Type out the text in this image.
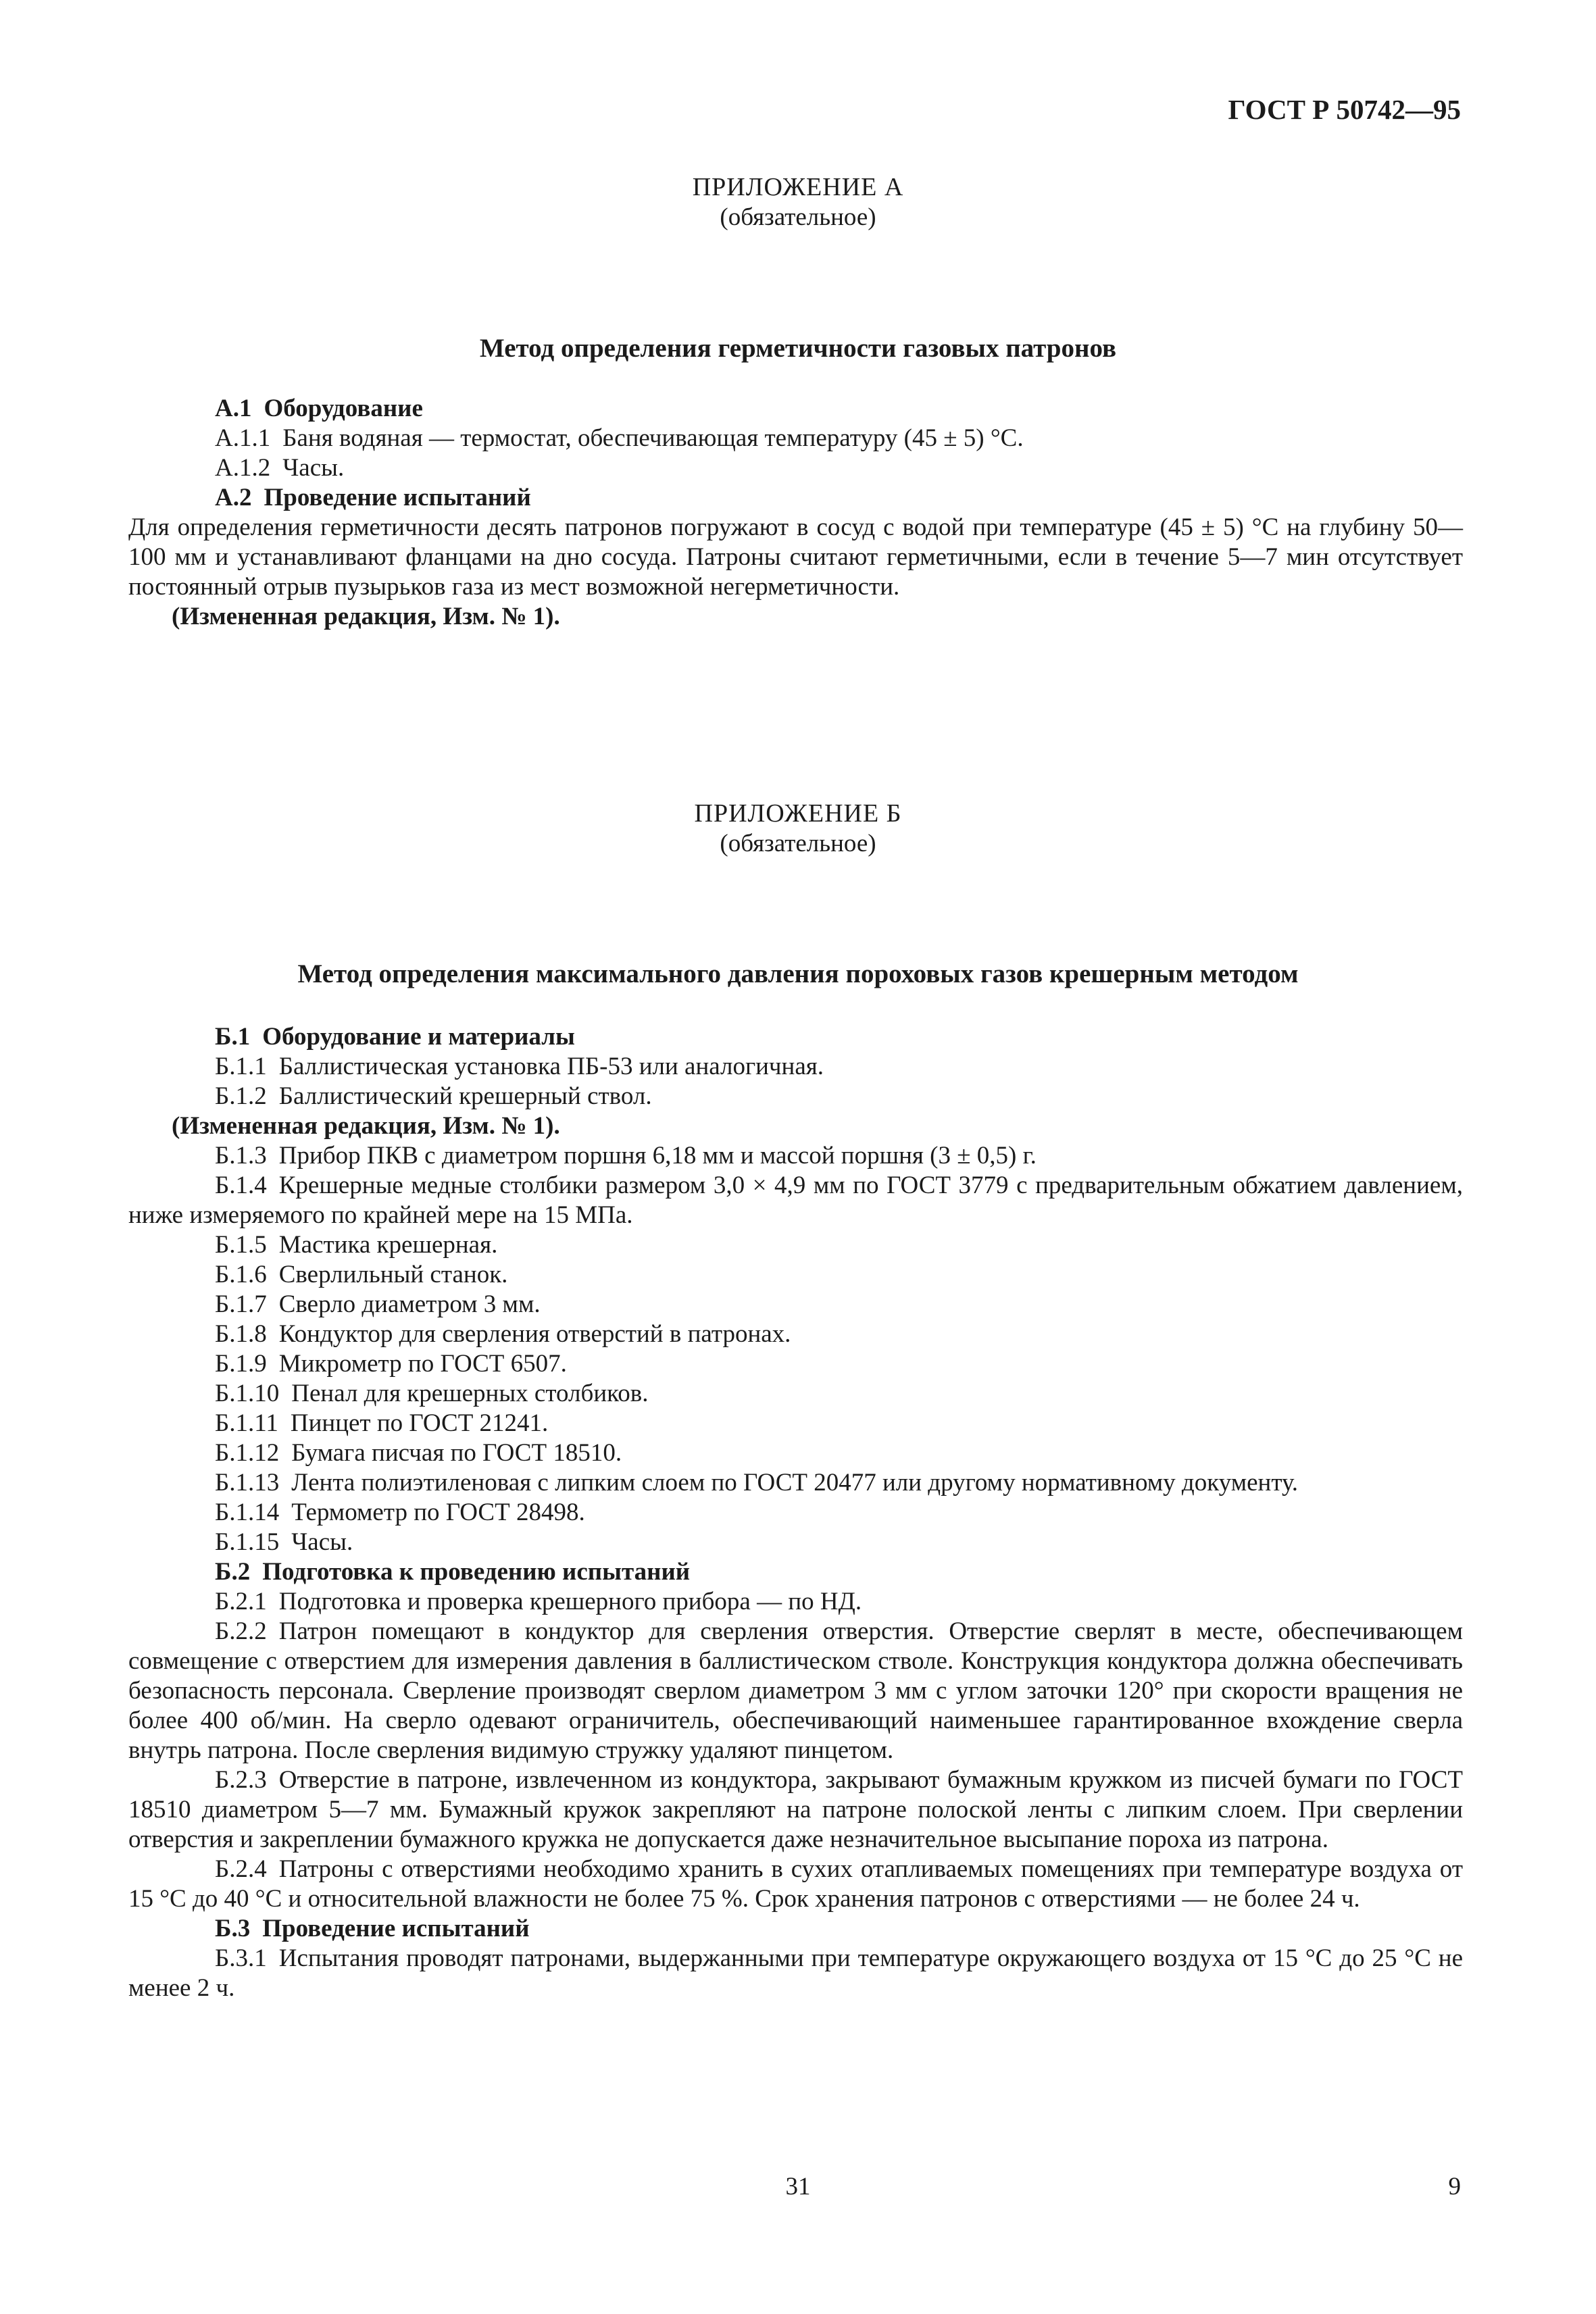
ГОСТ Р 50742—95
ПРИЛОЖЕНИЕ А
(обязательное)
Метод определения герметичности газовых патронов

А.1 Оборудование

А.1.1 Баня водяная — термостат, обеспечивающая температуру (45 ± 5) °С.

А.1.2 Часы.

А.2 Проведение испытаний

Для определения герметичности десять патронов погружают в сосуд с водой при температуре (45 ± 5) °С на глубину 50—100 мм и устанавливают фланцами на дно сосуда. Патроны считают герметичными, если в течение 5—7 мин отсутствует постоянный отрыв пузырьков газа из мест возможной негерметичности.

(Измененная редакция, Изм. № 1).

ПРИЛОЖЕНИЕ Б
(обязательное)
Метод определения максимального давления пороховых газов крешерным методом

Б.1 Оборудование и материалы

Б.1.1 Баллистическая установка ПБ-53 или аналогичная.

Б.1.2 Баллистический крешерный ствол.

(Измененная редакция, Изм. № 1).

Б.1.3 Прибор ПКВ с диаметром поршня 6,18 мм и массой поршня (3 ± 0,5) г.

Б.1.4 Крешерные медные столбики размером 3,0 × 4,9 мм по ГОСТ 3779 с предварительным обжатием давлением, ниже измеряемого по крайней мере на 15 МПа.

Б.1.5 Мастика крешерная.

Б.1.6 Сверлильный станок.

Б.1.7 Сверло диаметром 3 мм.

Б.1.8 Кондуктор для сверления отверстий в патронах.

Б.1.9 Микрометр по ГОСТ 6507.

Б.1.10 Пенал для крешерных столбиков.

Б.1.11 Пинцет по ГОСТ 21241.

Б.1.12 Бумага писчая по ГОСТ 18510.

Б.1.13 Лента полиэтиленовая с липким слоем по ГОСТ 20477 или другому нормативному документу.

Б.1.14 Термометр по ГОСТ 28498.

Б.1.15 Часы.

Б.2 Подготовка к проведению испытаний

Б.2.1 Подготовка и проверка крешерного прибора — по НД.

Б.2.2 Патрон помещают в кондуктор для сверления отверстия. Отверстие сверлят в месте, обеспечивающем совмещение с отверстием для измерения давления в баллистическом стволе. Конструкция кондуктора должна обеспечивать безопасность персонала. Сверление производят сверлом диаметром 3 мм с углом заточки 120° при скорости вращения не более 400 об/мин. На сверло одевают ограничитель, обеспечивающий наименьшее гарантированное вхождение сверла внутрь патрона. После сверления видимую стружку удаляют пинцетом.

Б.2.3 Отверстие в патроне, извлеченном из кондуктора, закрывают бумажным кружком из писчей бумаги по ГОСТ 18510 диаметром 5—7 мм. Бумажный кружок закрепляют на патроне полоской ленты с липким слоем. При сверлении отверстия и закреплении бумажного кружка не допускается даже незначительное высыпание пороха из патрона.

Б.2.4 Патроны с отверстиями необходимо хранить в сухих отапливаемых помещениях при температуре воздуха от 15 °С до 40 °С и относительной влажности не более 75 %. Срок хранения патронов с отверстиями — не более 24 ч.

Б.3 Проведение испытаний

Б.3.1 Испытания проводят патронами, выдержанными при температуре окружающего воздуха от 15 °С до 25 °С не менее 2 ч.

31	9
